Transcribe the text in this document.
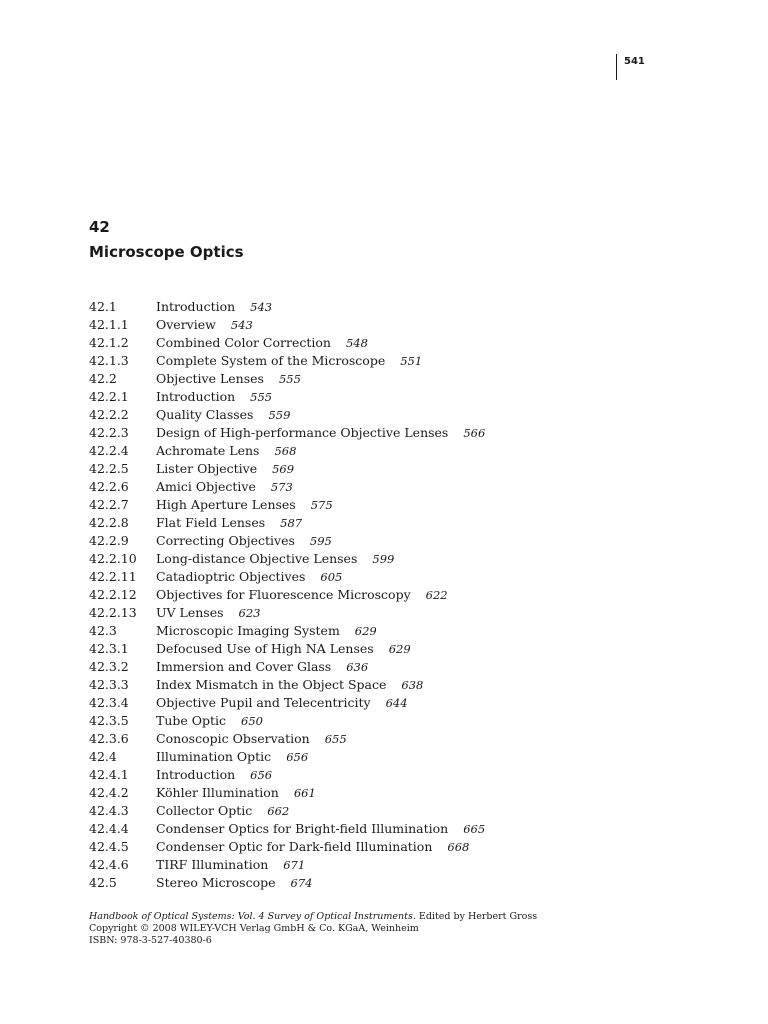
541
42
Microscope Optics
42.1	Introduction 543
42.1.1	Overview 543
42.1.2	Combined Color Correction 548
42.1.3	Complete System of the Microscope 551
42.2	Objective Lenses 555
42.2.1	Introduction 555
42.2.2	Quality Classes 559
42.2.3	Design of High-performance Objective Lenses 566
42.2.4	Achromate Lens 568
42.2.5	Lister Objective 569
42.2.6	Amici Objective 573
42.2.7	High Aperture Lenses 575
42.2.8	Flat Field Lenses 587
42.2.9	Correcting Objectives 595
42.2.10	Long-distance Objective Lenses 599
42.2.11	Catadioptric Objectives 605
42.2.12	Objectives for Fluorescence Microscopy 622
42.2.13	UV Lenses 623
42.3	Microscopic Imaging System 629
42.3.1	Defocused Use of High NA Lenses 629
42.3.2	Immersion and Cover Glass 636
42.3.3	Index Mismatch in the Object Space 638
42.3.4	Objective Pupil and Telecentricity 644
42.3.5	Tube Optic 650
42.3.6	Conoscopic Observation 655
42.4	Illumination Optic 656
42.4.1	Introduction 656
42.4.2	Köhler Illumination 661
42.4.3	Collector Optic 662
42.4.4	Condenser Optics for Bright-field Illumination 665
42.4.5	Condenser Optic for Dark-field Illumination 668
42.4.6	TIRF Illumination 671
42.5	Stereo Microscope 674
Handbook of Optical Systems: Vol. 4 Survey of Optical Instruments. Edited by Herbert Gross
Copyright © 2008 WILEY-VCH Verlag GmbH & Co. KGaA, Weinheim
ISBN: 978-3-527-40380-6
